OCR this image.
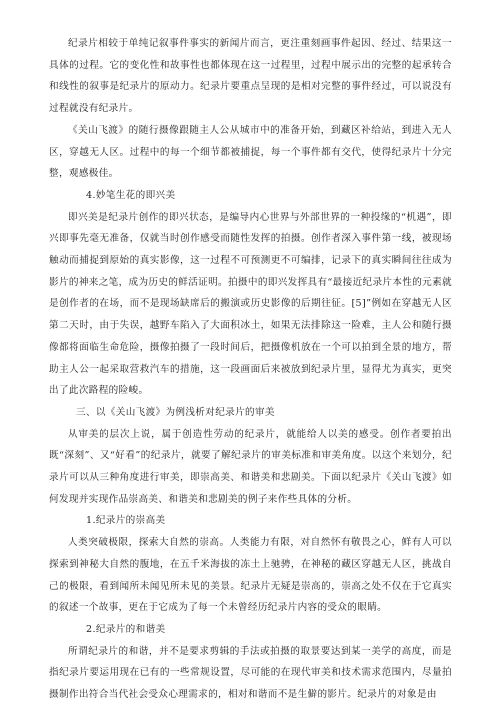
纪录片相较于单纯记叙事件事实的新闻片而言，更注重刻画事件起因、经过、结果这一具体的过程。它的变化性和故事性也都体现在这一过程里，过程中展示出的完整的起承转合和线性的叙事是纪录片的原动力。纪录片要重点呈现的是相对完整的事件经过，可以说没有过程就没有纪录片。

《关山飞渡》的随行摄像跟随主人公从城市中的准备开始，到藏区补给站，到进入无人区，穿越无人区。过程中的每一个细节都被捕捉，每一个事件都有交代，使得纪录片十分完整，观感极佳。

4.妙笔生花的即兴美

即兴美是纪录片创作的即兴状态，是编导内心世界与外部世界的一种投缘的“机遇”，即兴即事先毫无准备，仅就当时创作感受而随性发挥的拍摄。创作者深入事件第一线，被现场触动而捕捉到原始的真实影像，这一过程不可预测更不可编排，记录下的真实瞬间往往成为影片的神来之笔，成为历史的鲜活证明。拍摄中的即兴发挥具有“最接近纪录片本性的元素就是创作者的在场，而不是现场缺席后的搬演或历史影像的后期往征。[5]”例如在穿越无人区第二天时，由于失误，越野车陷入了大面积冰土，如果无法排除这一险难，主人公和随行摄像都将面临生命危险，摄像拍摄了一段时间后，把摄像机放在一个可以拍到全景的地方，帮助主人公一起采取营救汽车的措施，这一段画面后来被放到纪录片里，显得尤为真实，更突出了此次路程的险峻。

三、以《关山飞渡》为例浅析对纪录片的审美

从审美的层次上说，属于创造性劳动的纪录片，就能给人以美的感受。创作者要拍出既“深刻”、又“好看”的纪录片，就要了解纪录片的审美标准和审美角度。以这个来划分，纪录片可以从三种角度进行审美，即崇高美、和谐美和悲剧美。下面以纪录片《关山飞渡》如何发现并实现作品崇高美、和谐美和悲剧美的例子来作些具体的分析。

1.纪录片的崇高美

人类突破极限，探索大自然的崇高。人类能力有限，对自然怀有敬畏之心，鲜有人可以探索到神秘大自然的腹地，在五千米海拔的冻土上驰骋，在神秘的藏区穿越无人区，挑战自己的极限，看到闻所未闻见所未见的美景。纪录片无疑是崇高的，崇高之处不仅在于它真实的叙述一个故事，更在于它成为了每一个未曾经历纪录片内容的受众的眼睛。

2.纪录片的和谐美

所谓纪录片的和谐，并不是要求剪辑的手法或拍摄的取景要达到某一美学的高度，而是指纪录片要运用现在已有的一些常规设置，尽可能的在现代审美和技术需求范围内，尽量拍摄制作出符合当代社会受众心理需求的，相对和谐而不是生僻的影片。纪录片的对象是由
